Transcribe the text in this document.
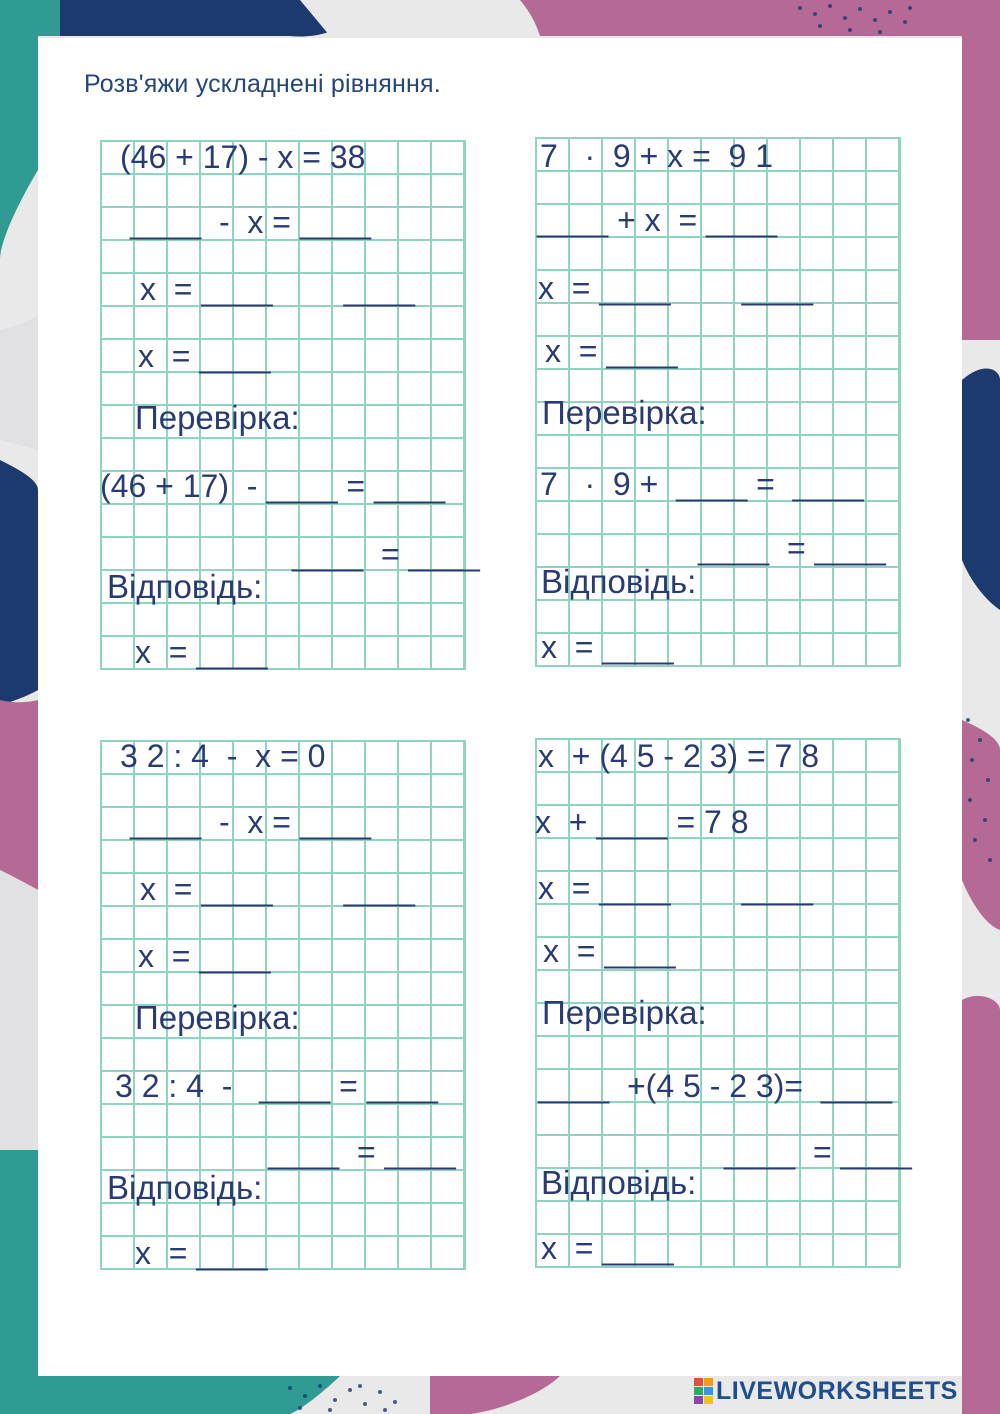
Розв'яжи ускладнені рівняння.
(46 + 17) - x = 38
____  -  x = ____
x  = ____        ____
x  = ____
Перевірка:
(46 + 17)  - ____ = ____
____  = ____
Відповідь:
x  = ____
7   ·  9 + x =  9 1
____ + x  = ____
x  = ____        ____
x  = ____
Перевірка:
7   ·  9 +  ____ =  ____
____  = ____
Відповідь:
x  = ____
3 2 : 4  -  x = 0
____  -  x = ____
x  = ____        ____
x  = ____
Перевірка:
3 2 : 4  -   ____ = ____
____  = ____
Відповідь:
x  = ____
x  + (4 5 - 2 3) = 7 8
x  + ____ = 7 8
x  = ____        ____
x  = ____
Перевірка:
____  +(4 5 - 2 3)=  ____
____  = ____
Відповідь:
x  = ____
LIVEWORKSHEETS
